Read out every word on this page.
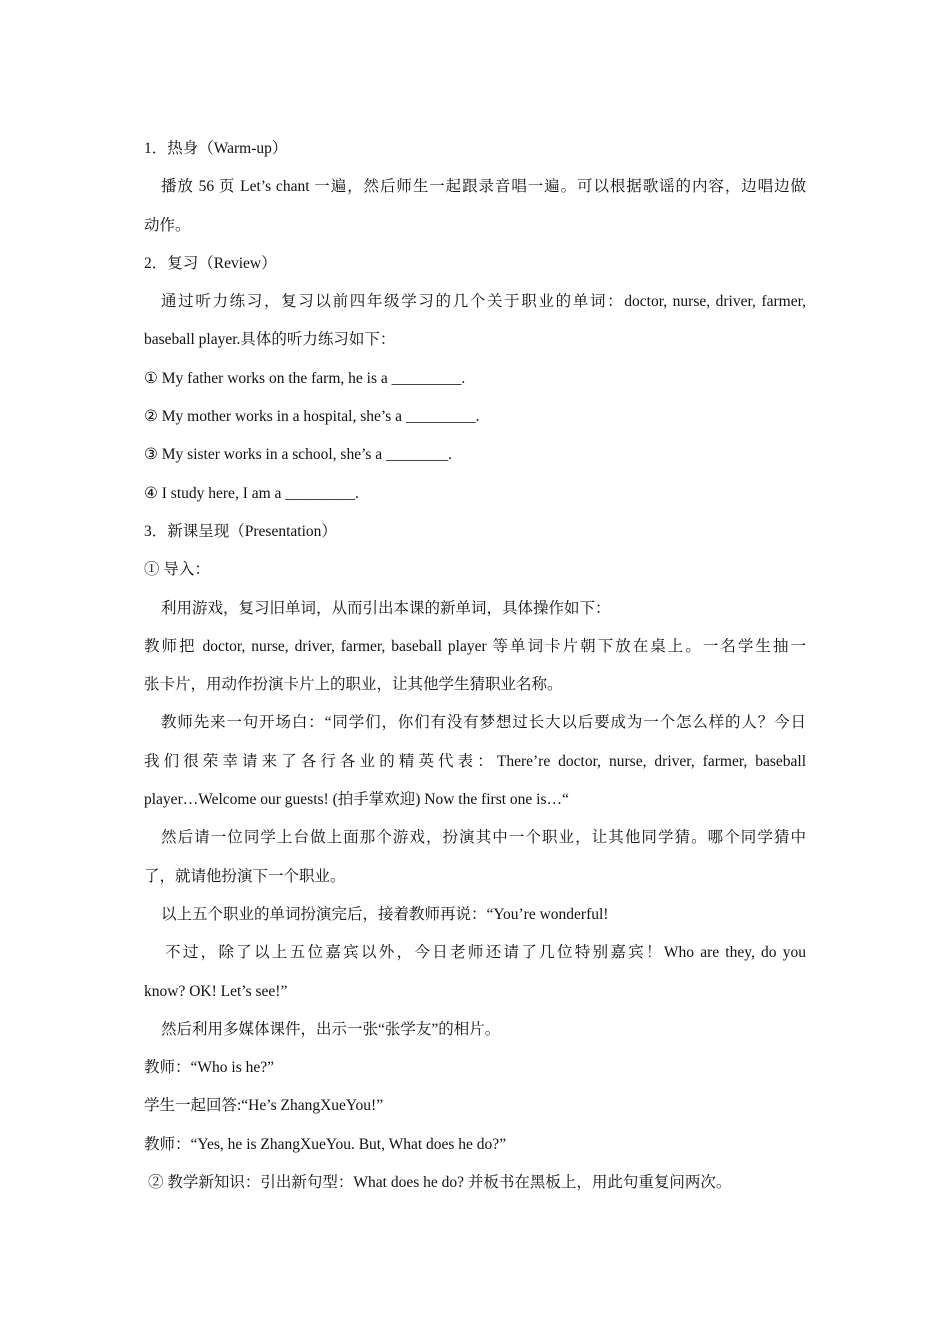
1．热身（Warm-up）
播放 56 页 Let’s chant 一遍，然后师生一起跟录音唱一遍。可以根据歌谣的内容，边唱边做
动作。
2．复习（Review）
通过听力练习，复习以前四年级学习的几个关于职业的单词：doctor, nurse, driver, farmer,
baseball player.具体的听力练习如下：
① My father works on the farm, he is a _________.
② My mother works in a hospital, she’s a _________.
③ My sister works in a school, she’s a ________.
④ I study here, I am a _________.
3．新课呈现（Presentation）
① 导入：
利用游戏，复习旧单词，从而引出本课的新单词，具体操作如下：
教师把 doctor, nurse, driver, farmer, baseball player 等单词卡片朝下放在桌上。一名学生抽一
张卡片，用动作扮演卡片上的职业，让其他学生猜职业名称。
教师先来一句开场白：“同学们，你们有没有梦想过长大以后要成为一个怎么样的人？今日
我们很荣幸请来了各行各业的精英代表：There’re doctor, nurse, driver, farmer, baseball
player…Welcome our guests! (拍手掌欢迎) Now the first one is…“
然后请一位同学上台做上面那个游戏，扮演其中一个职业，让其他同学猜。哪个同学猜中
了，就请他扮演下一个职业。
以上五个职业的单词扮演完后，接着教师再说：“You’re wonderful!
不过，除了以上五位嘉宾以外，今日老师还请了几位特别嘉宾！Who are they, do you
know? OK! Let’s see!”
然后利用多媒体课件，出示一张“张学友”的相片。
教师：“Who is he?”
学生一起回答:“He’s ZhangXueYou!”
教师：“Yes, he is ZhangXueYou. But, What does he do?”
② 教学新知识：引出新句型：What does he do? 并板书在黑板上，用此句重复问两次。
